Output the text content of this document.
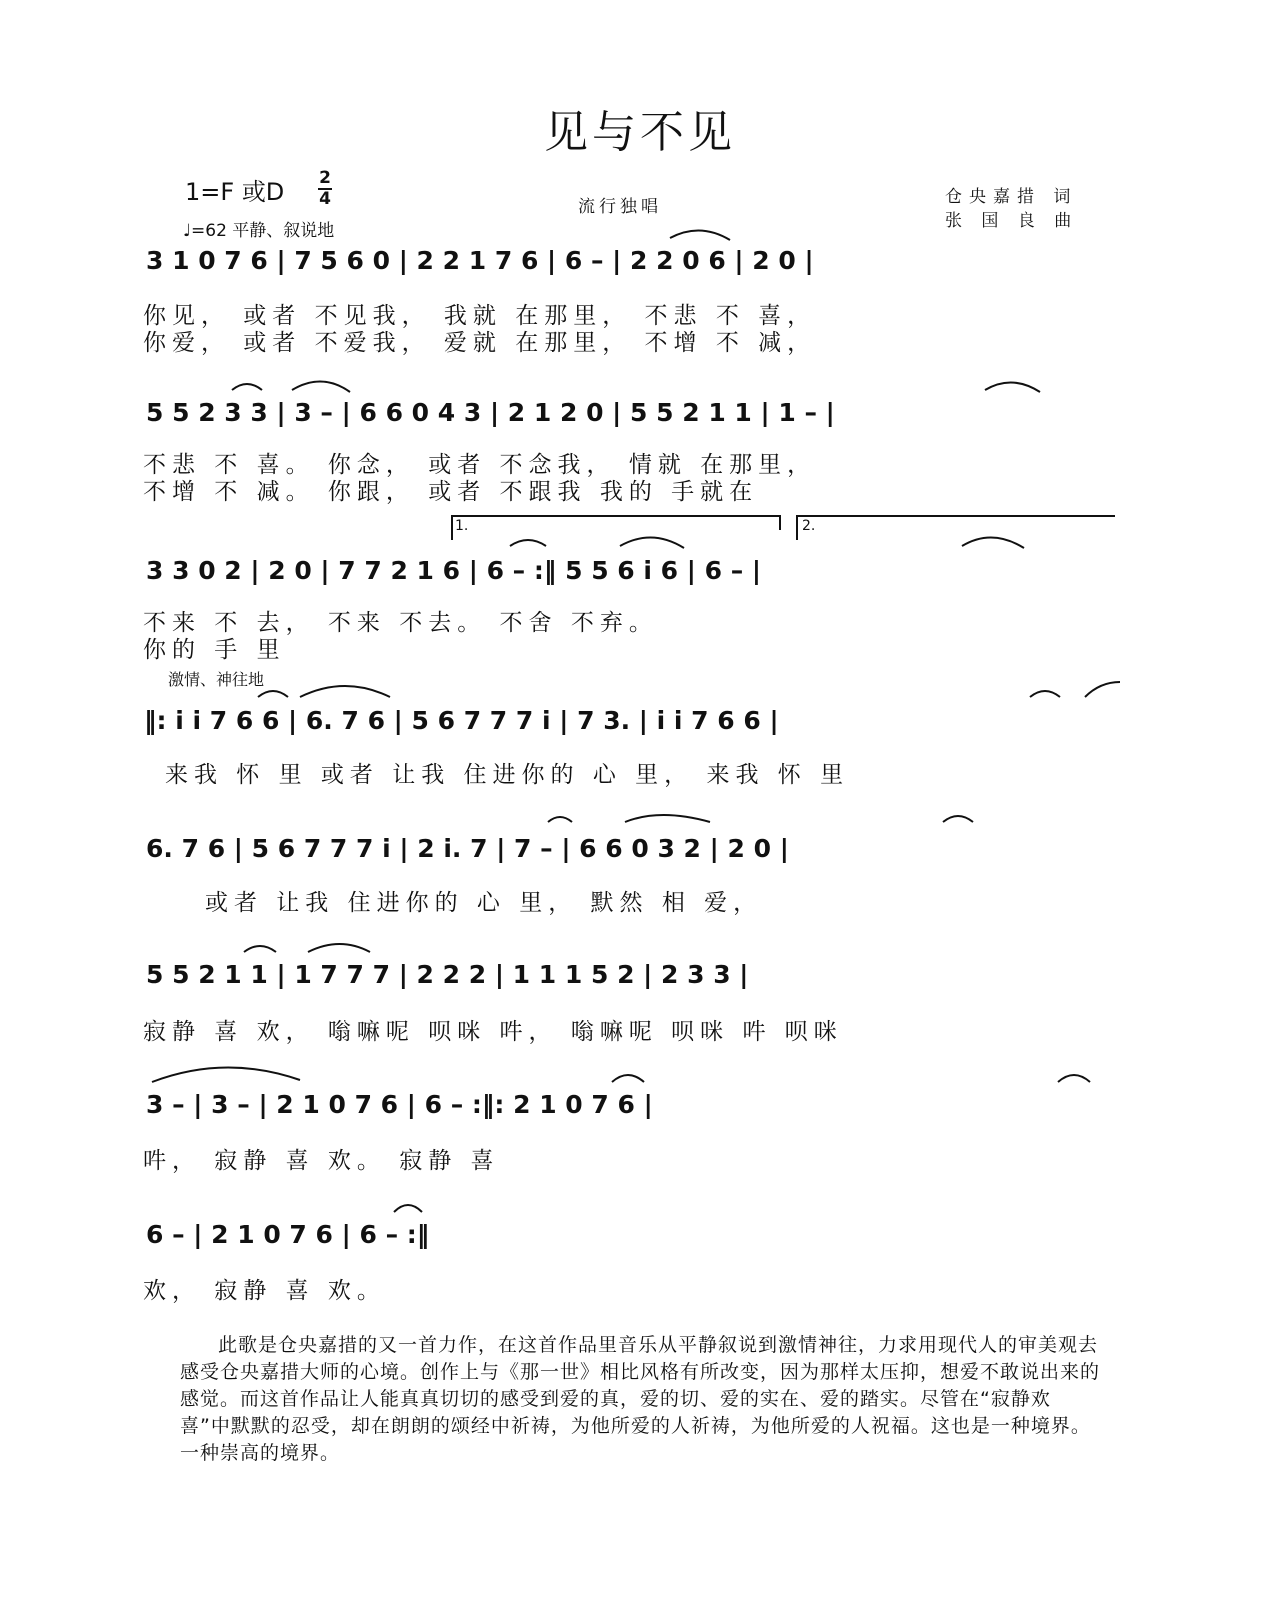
见与不见
1=F 或D 2
4
♩=62 平静、叙说地
流行独唱	仓央嘉措 词
张 国 良 曲
3 1 0 7 6 | 7 5 6 0 | 2 2 1 7 6 | 6 – | 2 2 0 6 | 2 0 |
你见， 或者 不见我， 我就 在那里， 不悲 不 喜，
你爱， 或者 不爱我， 爱就 在那里， 不增 不 减，
5 5 2 3 3 | 3 – | 6 6 0 4 3 | 2 1 2 0 | 5 5 2 1 1 | 1 – |
不悲 不 喜。 你念， 或者 不念我， 情就 在那里，
不增 不 减。 你跟， 或者 不跟我 我的 手就在
1.	2.
3 3 0 2 | 2 0 | 7 7 2 1 6 | 6 – :‖ 5 5 6 i 6 | 6 – |
不来 不 去， 不来 不去。 不舍 不弃。
你的 手 里
激情、神往地
‖: i i 7 6 6 | 6. 7 6 | 5 6 7 7 7 i | 7 3. | i i 7 6 6 |
来我 怀 里 或者 让我 住进你的 心 里， 来我 怀 里
6. 7 6 | 5 6 7 7 7 i | 2 i. 7 | 7 – | 6 6 0 3 2 | 2 0 |
或者 让我 住进你的 心 里， 默然 相 爱，
5 5 2 1 1 | 1 7 7 7 | 2 2 2 | 1 1 1 5 2 | 2 3 3 |
寂静 喜 欢， 嗡嘛呢 呗咪 吽， 嗡嘛呢 呗咪 吽 呗咪
3 – | 3 – | 2 1 0 7 6 | 6 – :‖: 2 1 0 7 6 |
吽， 寂静 喜 欢。 寂静 喜
6 – | 2 1 0 7 6 | 6 – :‖
欢， 寂静 喜 欢。
此歌是仓央嘉措的又一首力作，在这首作品里音乐从平静叙说到激情神往，力求用现代人的审美观去感受仓央嘉措大师的心境。创作上与《那一世》相比风格有所改变，因为那样太压抑，想爱不敢说出来的感觉。而这首作品让人能真真切切的感受到爱的真，爱的切、爱的实在、爱的踏实。尽管在“寂静欢喜”中默默的忍受，却在朗朗的颂经中祈祷，为他所爱的人祈祷，为他所爱的人祝福。这也是一种境界。一种崇高的境界。
